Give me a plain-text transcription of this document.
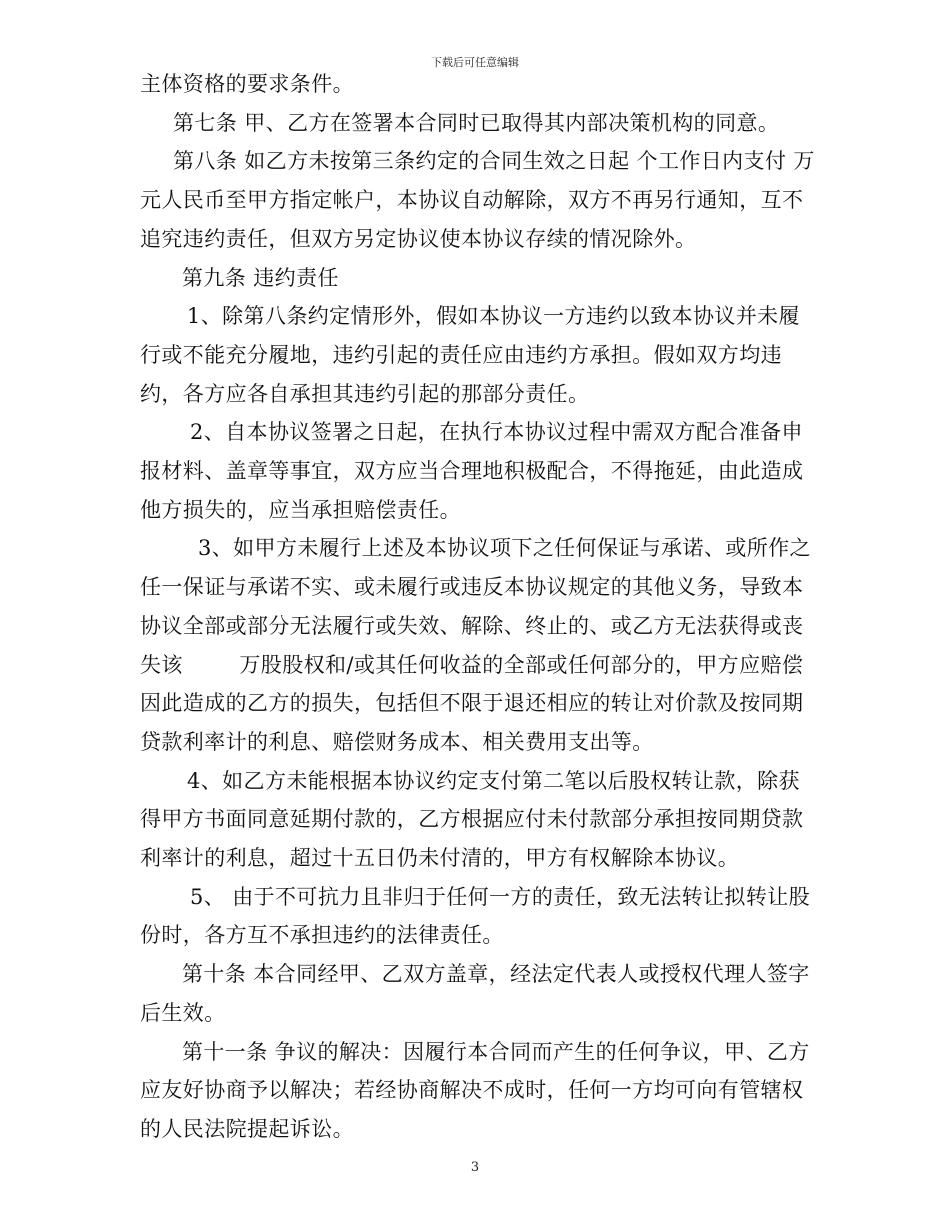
下载后可任意编辑

主体资格的要求条件。

第七条 甲、乙方在签署本合同时已取得其内部决策机构的同意。

第八条 如乙方未按第三条约定的合同生效之日起 个工作日内支付 万元人民币至甲方指定帐户，本协议自动解除，双方不再另行通知，互不追究违约责任，但双方另定协议使本协议存续的情况除外。

第九条 违约责任

1、除第八条约定情形外，假如本协议一方违约以致本协议并未履行或不能充分履地，违约引起的责任应由违约方承担。假如双方均违约，各方应各自承担其违约引起的那部分责任。

2、自本协议签署之日起，在执行本协议过程中需双方配合准备申报材料、盖章等事宜，双方应当合理地积极配合，不得拖延，由此造成他方损失的，应当承担赔偿责任。

3、如甲方未履行上述及本协议项下之任何保证与承诺、或所作之任一保证与承诺不实、或未履行或违反本协议规定的其他义务，导致本协议全部或部分无法履行或失效、解除、终止的、或乙方无法获得或丧失该        万股股权和/或其任何收益的全部或任何部分的，甲方应赔偿因此造成的乙方的损失，包括但不限于退还相应的转让对价款及按同期贷款利率计的利息、赔偿财务成本、相关费用支出等。

4、如乙方未能根据本协议约定支付第二笔以后股权转让款，除获得甲方书面同意延期付款的，乙方根据应付未付款部分承担按同期贷款利率计的利息，超过十五日仍未付清的，甲方有权解除本协议。

5、 由于不可抗力且非归于任何一方的责任，致无法转让拟转让股份时，各方互不承担违约的法律责任。

第十条 本合同经甲、乙双方盖章，经法定代表人或授权代理人签字后生效。

第十一条 争议的解决：因履行本合同而产生的任何争议，甲、乙方应友好协商予以解决；若经协商解决不成时，任何一方均可向有管辖权的人民法院提起诉讼。

3
